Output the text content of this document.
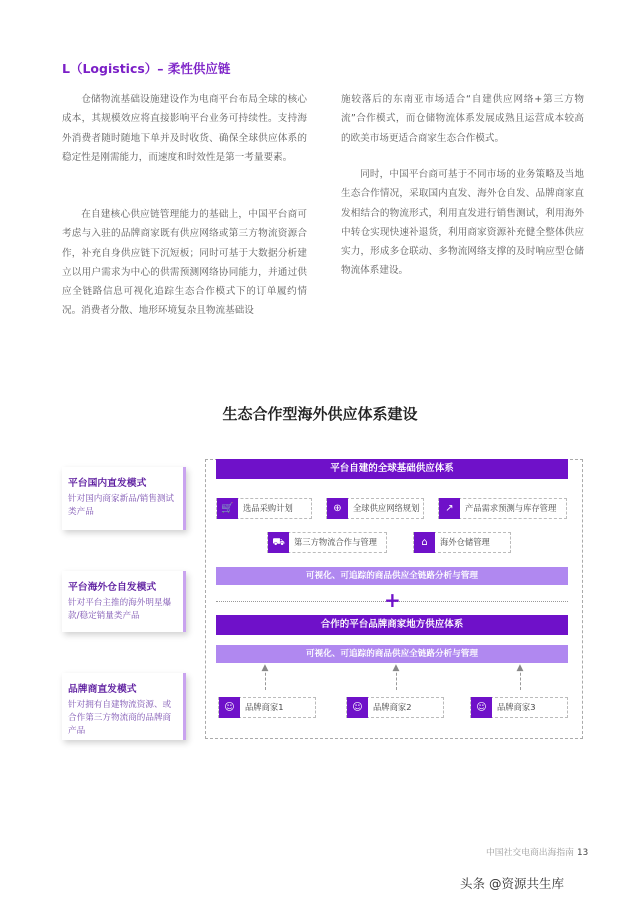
L（Logistics）– 柔性供应链
仓储物流基础设施建设作为电商平台布局全球的核心成本，其规模效应将直接影响平台业务可持续性。支持海外消费者随时随地下单并及时收货、确保全球供应体系的稳定性是刚需能力，而速度和时效性是第一考量要素。
在自建核心供应链管理能力的基础上，中国平台商可考虑与入驻的品牌商家既有供应网络或第三方物流资源合作，补充自身供应链下沉短板；同时可基于大数据分析建立以用户需求为中心的供需预测网络协同能力，并通过供应全链路信息可视化追踪生态合作模式下的订单履约情况。消费者分散、地形环境复杂且物流基础设
施较落后的东南亚市场适合“自建供应网络+第三方物流”合作模式，而仓储物流体系发展成熟且运营成本较高的欧美市场更适合商家生态合作模式。
同时，中国平台商可基于不同市场的业务策略及当地生态合作情况，采取国内直发、海外仓自发、品牌商家直发相结合的物流形式，利用直发进行销售测试，利用海外中转仓实现快速补退货，利用商家资源补充健全整体供应实力，形成多仓联动、多物流网络支撑的及时响应型仓储物流体系建设。
生态合作型海外供应体系建设
平台国内直发模式
针对国内商家新品/销售测试类产品
平台海外仓自发模式
针对平台主推的海外明星爆款/稳定销量类产品
品牌商直发模式
针对拥有自建物流资源、或合作第三方物流商的品牌商产品
平台自建的全球基础供应体系
🛒	选品采购计划	⊕	全球供应网络规划	↗	产品需求预测与库存管理
⛟	第三方物流合作与管理	⌂	海外仓储管理
可视化、可追踪的商品供应全链路分析与管理
+
合作的平台品牌商家地方供应体系
可视化、可追踪的商品供应全链路分析与管理
▲	▲	▲
☺	品牌商家1	☺	品牌商家2	☺	品牌商家3
中国社交电商出海指南 13
头条 @资源共生库
